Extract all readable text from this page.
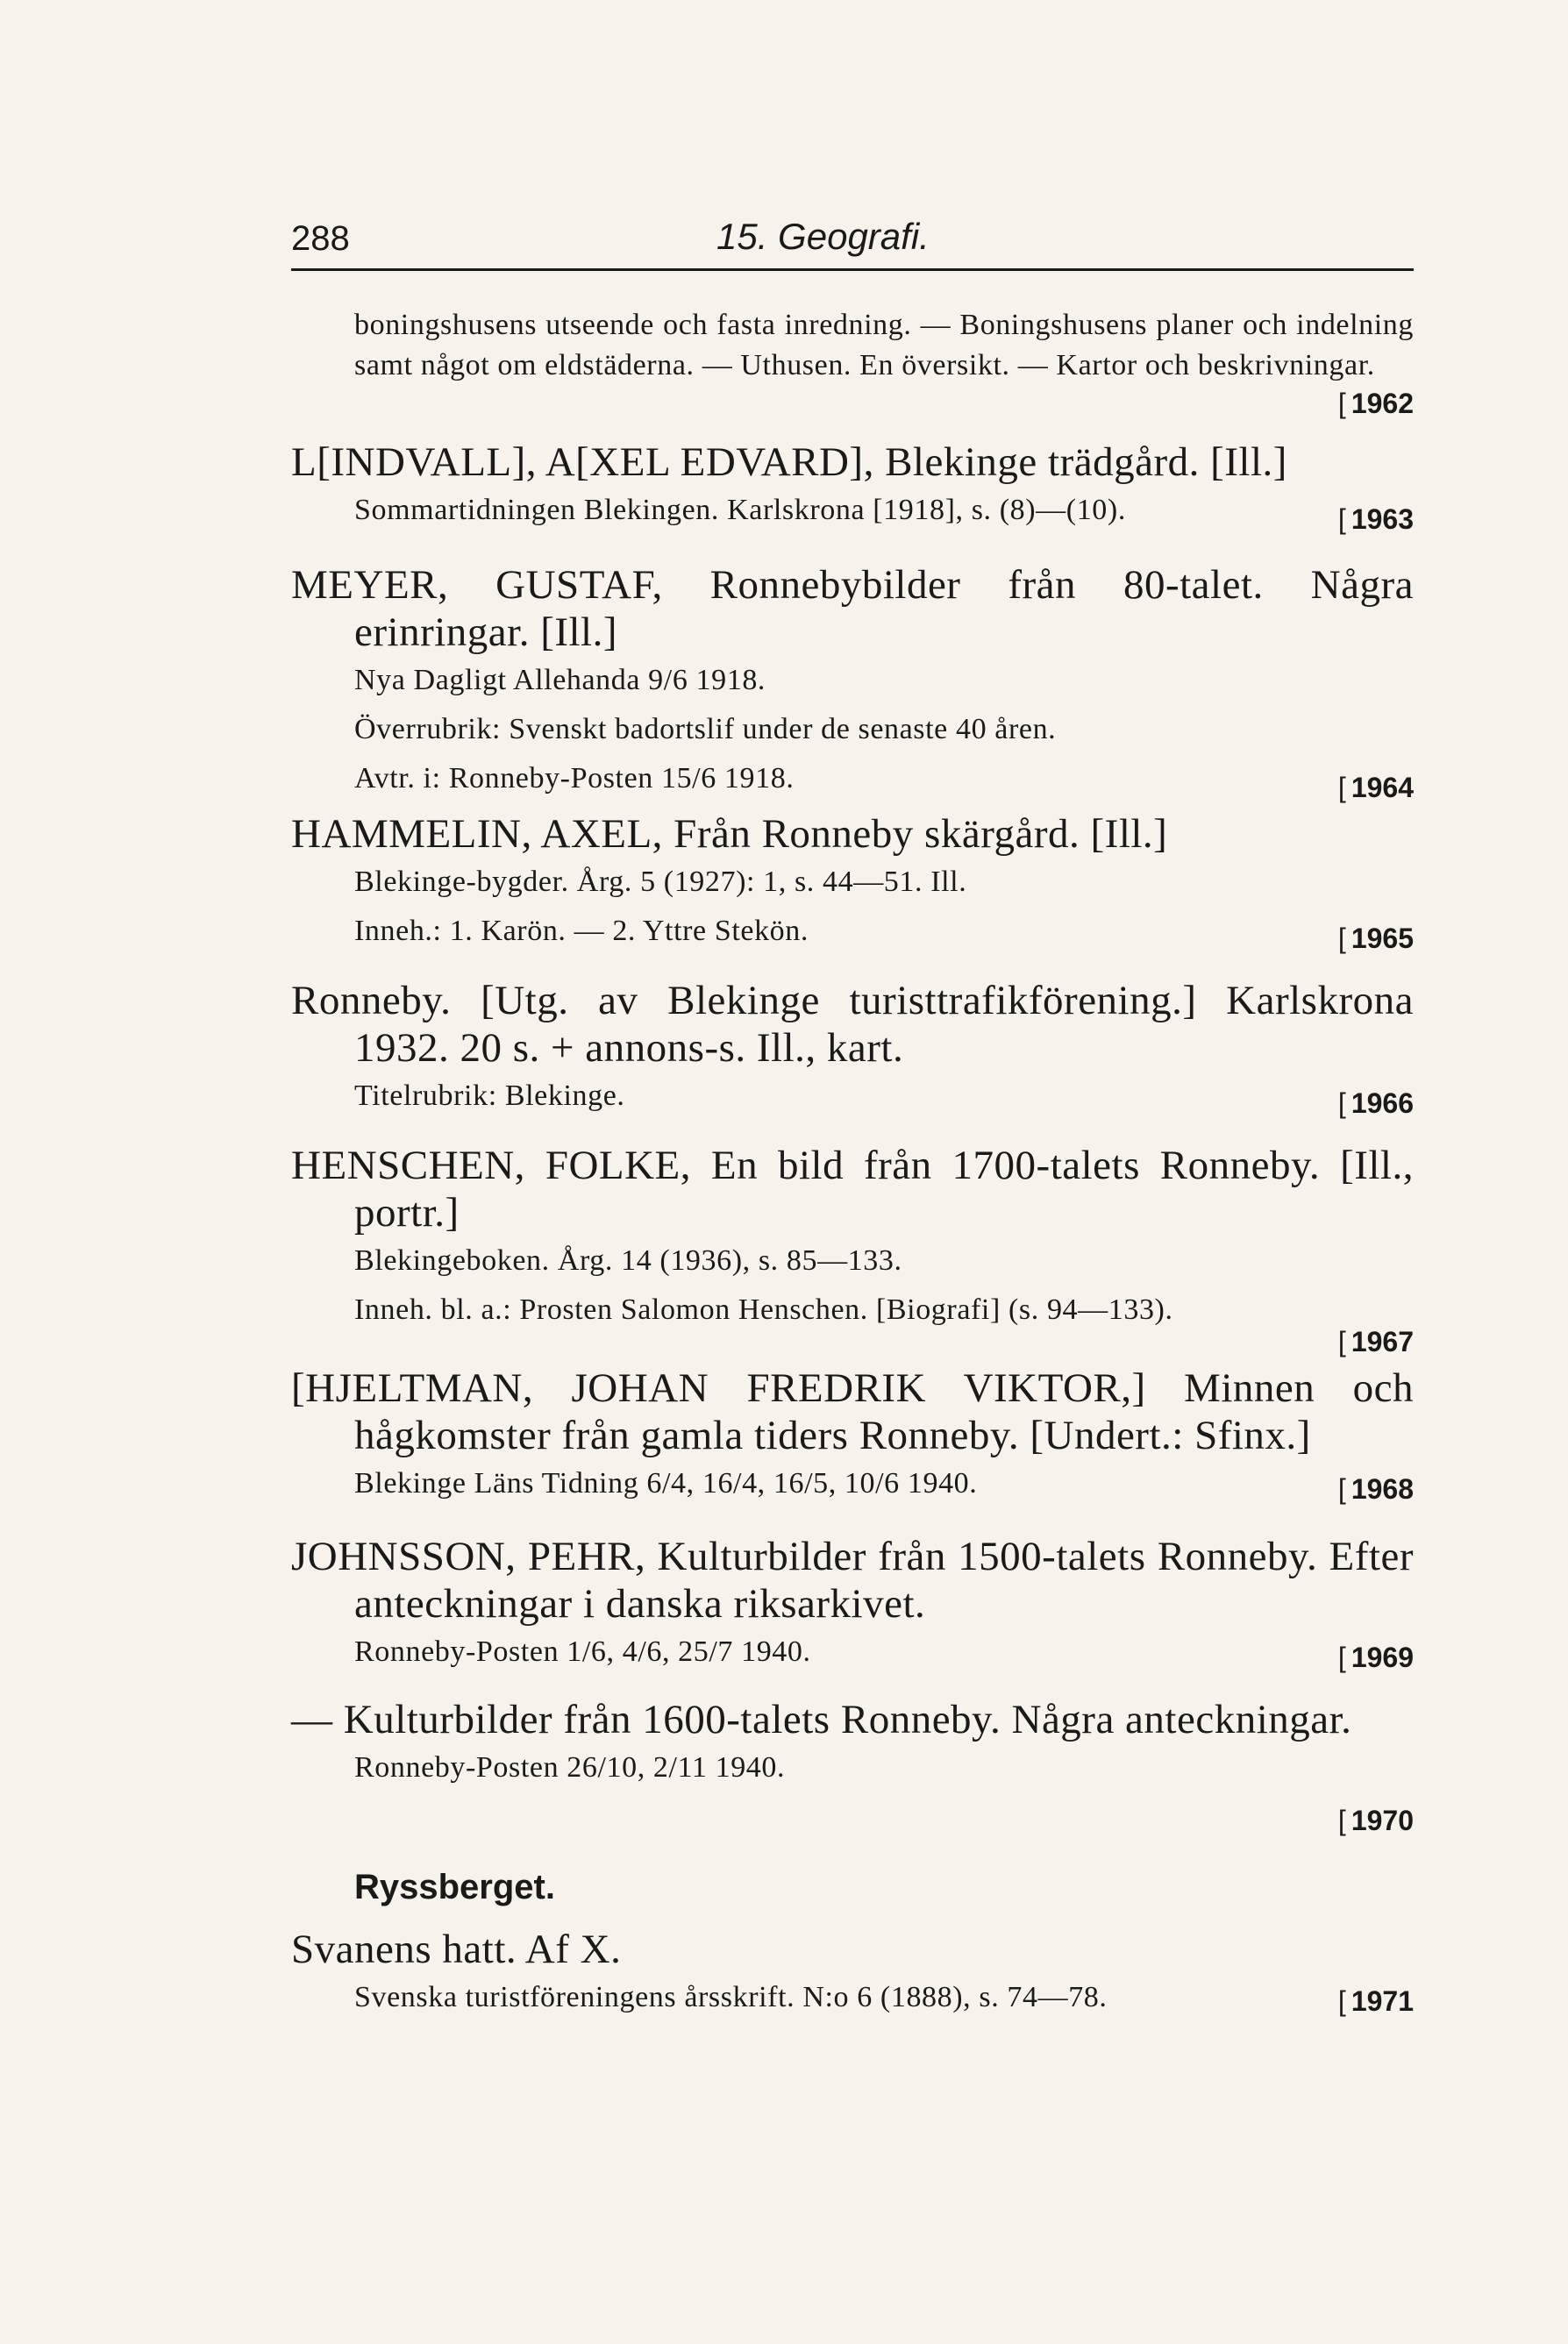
288	15. Geografi.
boningshusens utseende och fasta inredning. — Boningshusens planer och indelning samt något om eldstäderna. — Uthusen. En översikt. — Kartor och beskrivningar.
[ 1962
L[INDVALL], A[XEL EDVARD], Blekinge trädgård. [Ill.]
Sommartidningen Blekingen. Karlskrona [1918], s. (8)—(10).	[ 1963
MEYER, GUSTAF, Ronnebybilder från 80-talet. Några erinringar. [Ill.]
Nya Dagligt Allehanda 9/6 1918.
Överrubrik: Svenskt badortslif under de senaste 40 åren.
Avtr. i: Ronneby-Posten 15/6 1918.	[ 1964
HAMMELIN, AXEL, Från Ronneby skärgård. [Ill.]
Blekinge-bygder. Årg. 5 (1927): 1, s. 44—51. Ill.
Inneh.: 1. Karön. — 2. Yttre Stekön.	[ 1965
Ronneby. [Utg. av Blekinge turisttrafikförening.] Karlskrona 1932. 20 s. + annons-s. Ill., kart.
Titelrubrik: Blekinge.	[ 1966
HENSCHEN, FOLKE, En bild från 1700-talets Ronneby. [Ill., portr.]
Blekingeboken. Årg. 14 (1936), s. 85—133.
Inneh. bl. a.: Prosten Salomon Henschen. [Biografi] (s. 94—133).
[ 1967
[HJELTMAN, JOHAN FREDRIK VIKTOR,] Minnen och hågkomster från gamla tiders Ronneby. [Undert.: Sfinx.]
Blekinge Läns Tidning 6/4, 16/4, 16/5, 10/6 1940.	[ 1968
JOHNSSON, PEHR, Kulturbilder från 1500-talets Ronneby. Efter anteckningar i danska riksarkivet.
Ronneby-Posten 1/6, 4/6, 25/7 1940.	[ 1969
— Kulturbilder från 1600-talets Ronneby. Några anteckningar.
Ronneby-Posten 26/10, 2/11 1940.
[ 1970
Ryssberget.
Svanens hatt. Af X.
Svenska turistföreningens årsskrift. N:o 6 (1888), s. 74—78.	[ 1971
